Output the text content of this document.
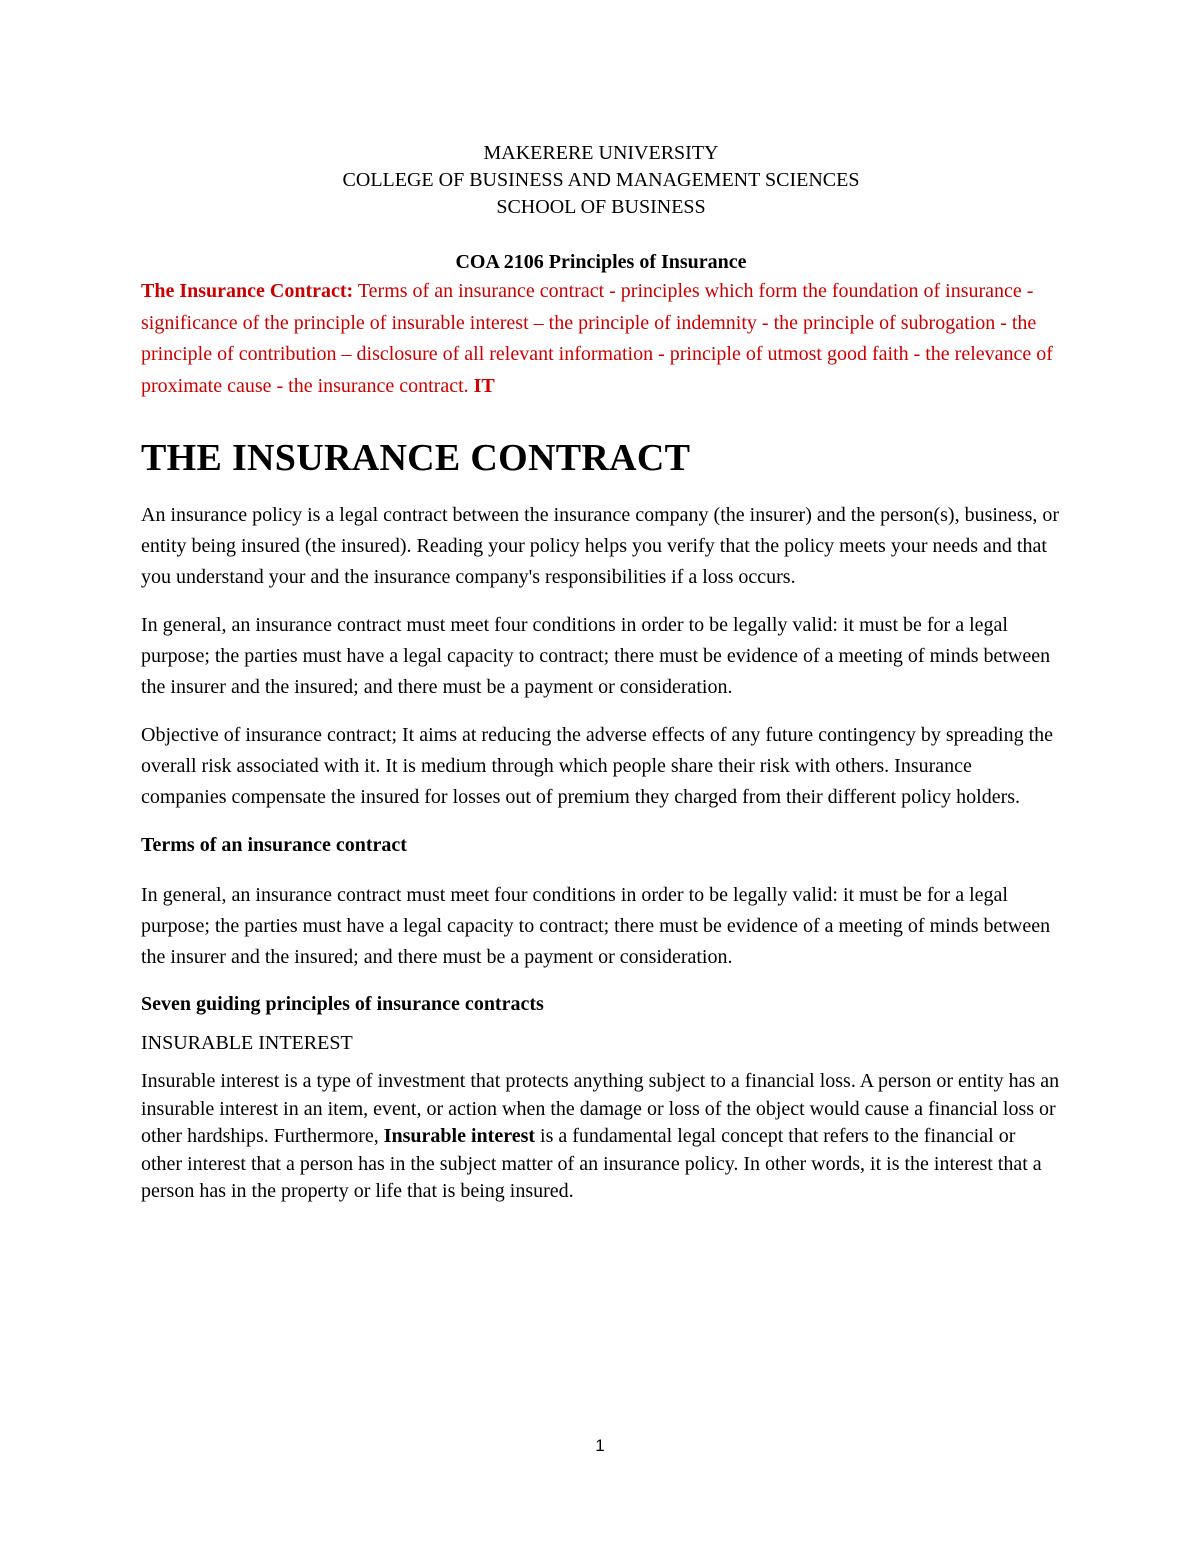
MAKERERE UNIVERSITY
COLLEGE OF BUSINESS AND MANAGEMENT SCIENCES
SCHOOL OF BUSINESS
COA 2106 Principles of Insurance

The Insurance Contract: Terms of an insurance contract - principles which form the foundation of insurance - significance of the principle of insurable interest – the principle of indemnity - the principle of subrogation - the principle of contribution – disclosure of all relevant information - principle of utmost good faith - the relevance of proximate cause - the insurance contract. IT

THE INSURANCE CONTRACT

An insurance policy is a legal contract between the insurance company (the insurer) and the person(s), business, or entity being insured (the insured). Reading your policy helps you verify that the policy meets your needs and that you understand your and the insurance company's responsibilities if a loss occurs.

In general, an insurance contract must meet four conditions in order to be legally valid: it must be for a legal purpose; the parties must have a legal capacity to contract; there must be evidence of a meeting of minds between the insurer and the insured; and there must be a payment or consideration.

Objective of insurance contract; It aims at reducing the adverse effects of any future contingency by spreading the overall risk associated with it. It is medium through which people share their risk with others. Insurance companies compensate the insured for losses out of premium they charged from their different policy holders.

Terms of an insurance contract

In general, an insurance contract must meet four conditions in order to be legally valid: it must be for a legal purpose; the parties must have a legal capacity to contract; there must be evidence of a meeting of minds between the insurer and the insured; and there must be a payment or consideration.

Seven guiding principles of insurance contracts
INSURABLE INTEREST

Insurable interest is a type of investment that protects anything subject to a financial loss. A person or entity has an insurable interest in an item, event, or action when the damage or loss of the object would cause a financial loss or other hardships. Furthermore, Insurable interest is a fundamental legal concept that refers to the financial or other interest that a person has in the subject matter of an insurance policy. In other words, it is the interest that a person has in the property or life that is being insured.

1
